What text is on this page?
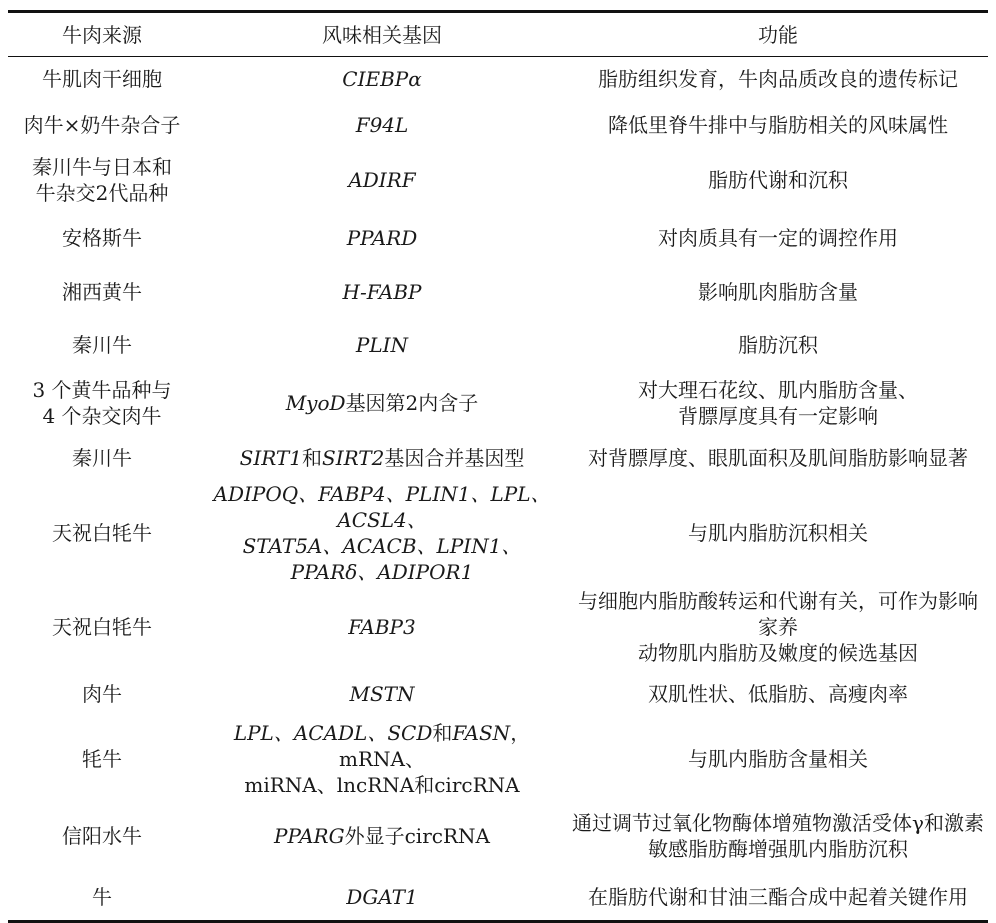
牛肉来源	风味相关基因	功能

牛肌肉干细胞	CIEBPα	脂肪组织发育，牛肉品质改良的遗传标记

肉牛×奶牛杂合子	F94L	降低里脊牛排中与脂肪相关的风味属性

秦川牛与日本和
牛杂交2代品种	ADIRF	脂肪代谢和沉积

安格斯牛	PPARD	对肉质具有一定的调控作用

湘西黄牛	H-FABP	影响肌肉脂肪含量

秦川牛	PLIN	脂肪沉积

3 个黄牛品种与
4 个杂交肉牛	MyoD基因第2内含子	对大理石花纹、肌内脂肪含量、
背膘厚度具有一定影响

秦川牛	SIRT1和SIRT2基因合并基因型	对背膘厚度、眼肌面积及肌间脂肪影响显著

天祝白牦牛	ADIPOQ、FABP4、PLIN1、LPL、ACSL4、
STAT5A、ACACB、LPIN1、PPARδ、ADIPOR1	与肌内脂肪沉积相关

天祝白牦牛	FABP3	与细胞内脂肪酸转运和代谢有关，可作为影响家养
动物肌内脂肪及嫩度的候选基因

肉牛	MSTN	双肌性状、低脂肪、高瘦肉率

牦牛	LPL、ACADL、SCD和FASN，mRNA、
miRNA、lncRNA和circRNA	与肌内脂肪含量相关

信阳水牛	PPARG外显子circRNA	通过调节过氧化物酶体增殖物激活受体γ和激素
敏感脂肪酶增强肌内脂肪沉积

牛	DGAT1	在脂肪代谢和甘油三酯合成中起着关键作用
